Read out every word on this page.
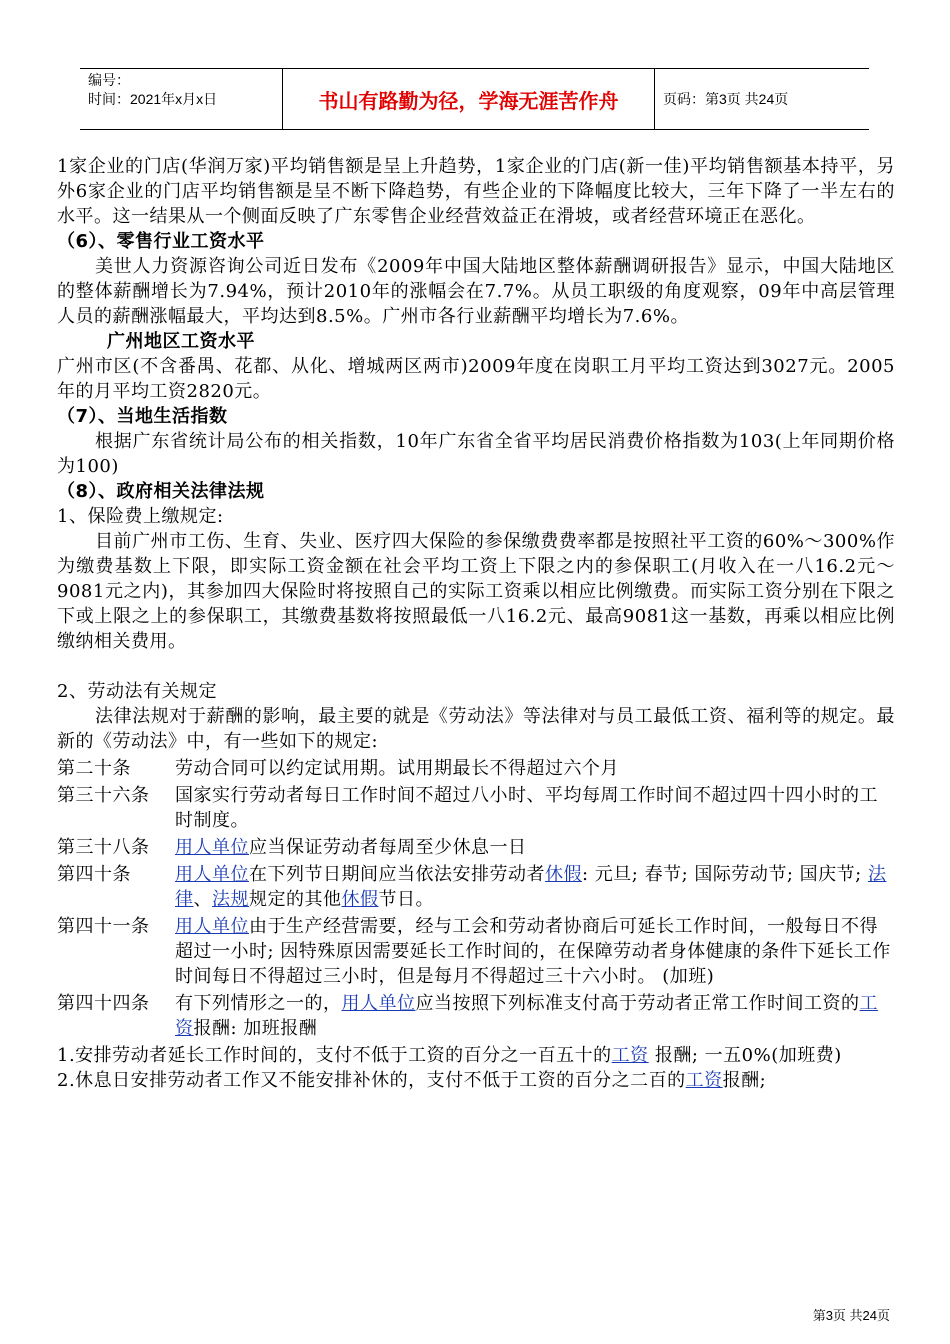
编号：
时间：2021年x月x日	书山有路勤为径，学海无涯苦作舟	页码：第3页 共24页

1家企业的门店(华润万家)平均销售额是呈上升趋势，1家企业的门店(新一佳)平均销售额基本持平，另外6家企业的门店平均销售额是呈不断下降趋势，有些企业的下降幅度比较大，三年下降了一半左右的水平。这一结果从一个侧面反映了广东零售企业经营效益正在滑坡，或者经营环境正在恶化。

（6）、零售行业工资水平

美世人力资源咨询公司近日发布《2009年中国大陆地区整体薪酬调研报告》显示，中国大陆地区的整体薪酬增长为7.94%，预计2010年的涨幅会在7.7%。从员工职级的角度观察，09年中高层管理人员的薪酬涨幅最大，平均达到8.5%。广州市各行业薪酬平均增长为7.6%。

广州地区工资水平

广州市区(不含番禺、花都、从化、增城两区两市)2009年度在岗职工月平均工资达到3027元。2005年的月平均工资2820元。

（7）、当地生活指数

根据广东省统计局公布的相关指数，10年广东省全省平均居民消费价格指数为103(上年同期价格为100)

（8）、政府相关法律法规

1、保险费上缴规定:

目前广州市工伤、生育、失业、医疗四大保险的参保缴费费率都是按照社平工资的60%～300%作为缴费基数上下限，即实际工资金额在社会平均工资上下限之内的参保职工(月收入在一八16.2元～9081元之内)，其参加四大保险时将按照自己的实际工资乘以相应比例缴费。而实际工资分别在下限之下或上限之上的参保职工，其缴费基数将按照最低一八16.2元、最高9081这一基数，再乘以相应比例缴纳相关费用。

2、劳动法有关规定

法律法规对于薪酬的影响，最主要的就是《劳动法》等法律对与员工最低工资、福利等的规定。最新的《劳动法》中，有一些如下的规定:

第二十条	劳动合同可以约定试用期。试用期最长不得超过六个月
第三十六条	国家实行劳动者每日工作时间不超过八小时、平均每周工作时间不超过四十四小时的工时制度。
第三十八条	用人单位应当保证劳动者每周至少休息一日
第四十条	用人单位在下列节日期间应当依法安排劳动者休假: 元旦; 春节; 国际劳动节; 国庆节; 法律、法规规定的其他休假节日。
第四十一条	用人单位由于生产经营需要，经与工会和劳动者协商后可延长工作时间，一般每日不得超过一小时; 因特殊原因需要延长工作时间的，在保障劳动者身体健康的条件下延长工作时间每日不得超过三小时，但是每月不得超过三十六小时。 (加班)
第四十四条	有下列情形之一的，用人单位应当按照下列标准支付高于劳动者正常工作时间工资的工资报酬: 加班报酬

1.安排劳动者延长工作时间的，支付不低于工资的百分之一百五十的工资 报酬; 一五0%(加班费)

2.休息日安排劳动者工作又不能安排补休的，支付不低于工资的百分之二百的工资报酬;

第3页 共24页
